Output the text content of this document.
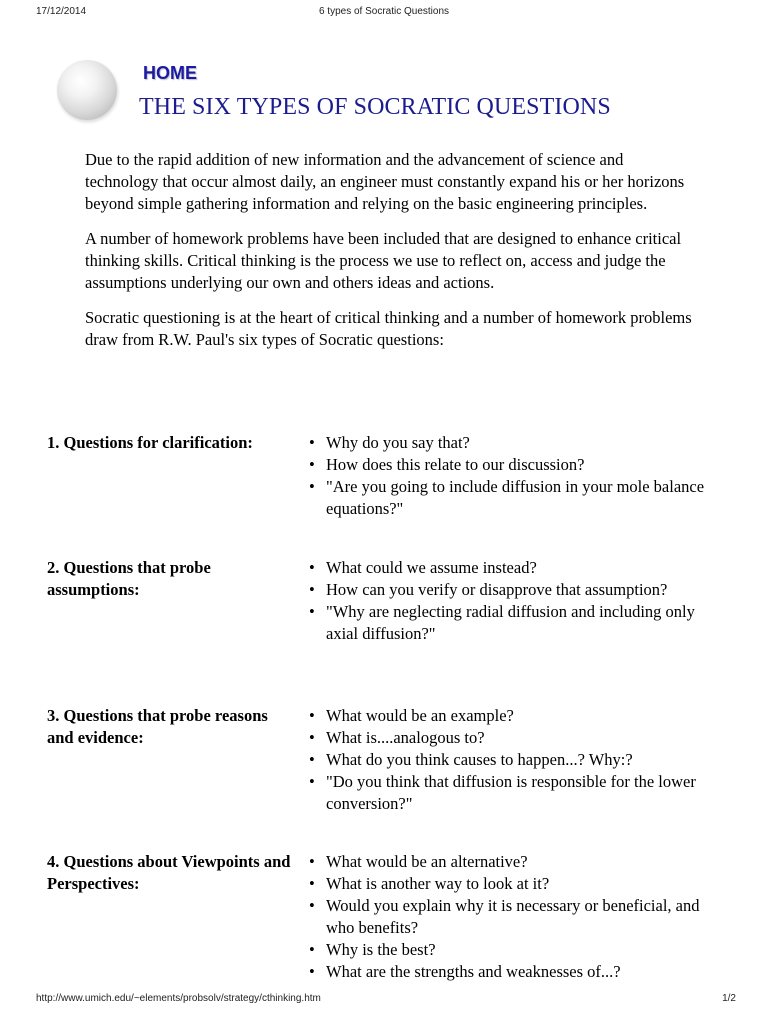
17/12/2014	6 types of Socratic Questions
HOME
THE SIX TYPES OF SOCRATIC QUESTIONS

Due to the rapid addition of new information and the advancement of science and technology that occur almost daily, an engineer must constantly expand his or her horizons beyond simple gathering information and relying on the basic engineering principles.

A number of homework problems have been included that are designed to enhance critical thinking skills. Critical thinking is the process we use to reflect on, access and judge the assumptions underlying our own and others ideas and actions.

Socratic questioning is at the heart of critical thinking and a number of homework problems draw from R.W. Paul's six types of Socratic questions:

1. Questions for clarification:
•	Why do you say that?
• How does this relate to our discussion?
• "Are you going to include diffusion in your mole balance equations?"
2. Questions that probe assumptions:
• What could we assume instead?
• How can you verify or disapprove that assumption?
• "Why are neglecting radial diffusion and including only axial diffusion?"
3. Questions that probe reasons and evidence:
• What would be an example?
• What is....analogous to?
• What do you think causes to happen...? Why:?
• "Do you think that diffusion is responsible for the lower conversion?"
4. Questions about Viewpoints and Perspectives:
• What would be an alternative?
• What is another way to look at it?
• Would you explain why it is necessary or beneficial, and who benefits?
• Why is the best?
• What are the strengths and weaknesses of...?
http://www.umich.edu/~elements/probsolv/strategy/cthinking.htm	1/2
